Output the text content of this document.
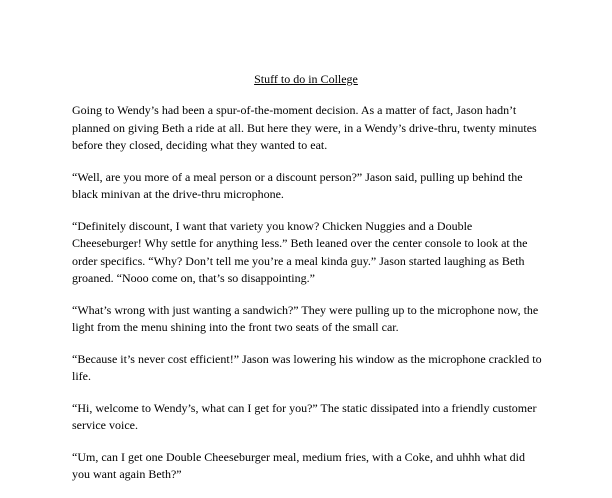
Stuff to do in College

Going to Wendy’s had been a spur-of-the-moment decision. As a matter of fact, Jason hadn’t planned on giving Beth a ride at all. But here they were, in a Wendy’s drive-thru, twenty minutes before they closed, deciding what they wanted to eat.

“Well, are you more of a meal person or a discount person?” Jason said, pulling up behind the black minivan at the drive-thru microphone.

“Definitely discount, I want that variety you know? Chicken Nuggies and a Double Cheeseburger! Why settle for anything less.” Beth leaned over the center console to look at the order specifics. “Why? Don’t tell me you’re a meal kinda guy.” Jason started laughing as Beth groaned. “Nooo come on, that’s so disappointing.”

“What’s wrong with just wanting a sandwich?” They were pulling up to the microphone now, the light from the menu shining into the front two seats of the small car.

“Because it’s never cost efficient!” Jason was lowering his window as the microphone crackled to life.

“Hi, welcome to Wendy’s, what can I get for you?” The static dissipated into a friendly customer service voice.

“Um, can I get one Double Cheeseburger meal, medium fries, with a Coke, and uhhh what did you want again Beth?”
